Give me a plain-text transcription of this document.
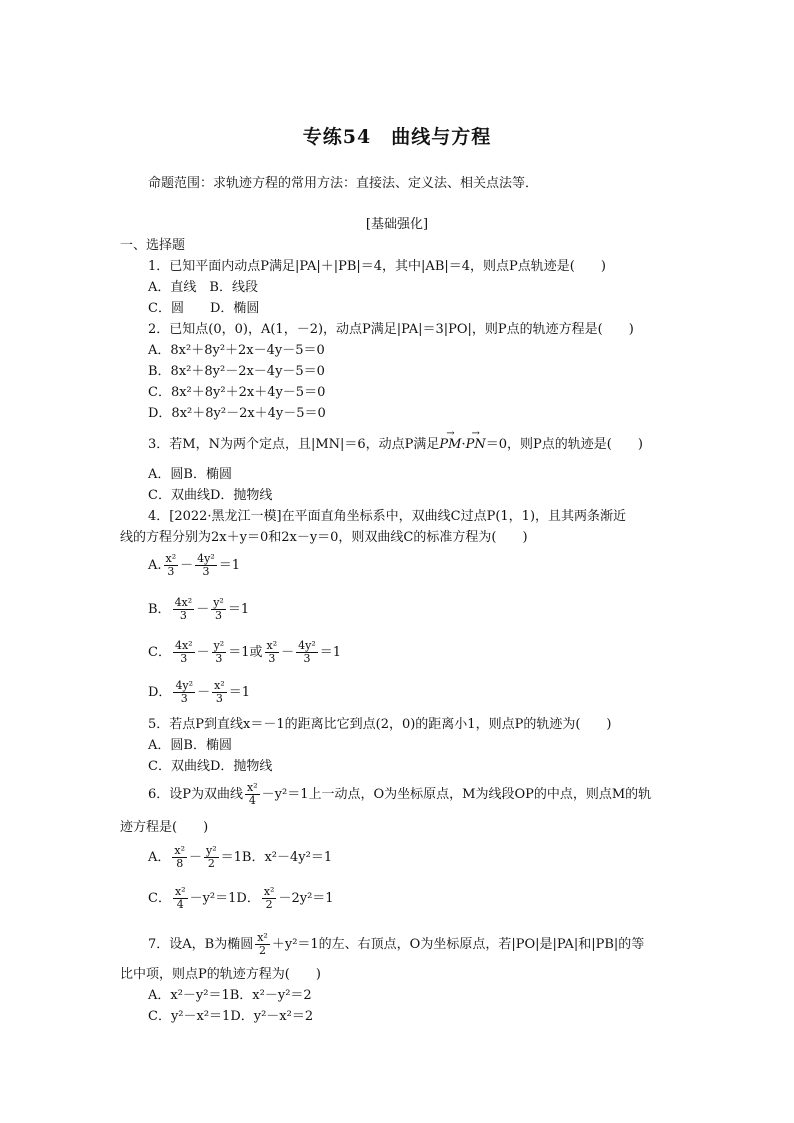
专练54　曲线与方程
命题范围：求轨迹方程的常用方法：直接法、定义法、相关点法等．
[基础强化]
一、选择题
1．已知平面内动点P满足|PA|＋|PB|＝4，其中|AB|＝4，则点P点轨迹是(　　)
A．直线　B．线段
C．圆　　D．椭圆
2．已知点(0，0)，A(1，－2)，动点P满足|PA|＝3|PO|，则P点的轨迹方程是(　　)
A．8x²＋8y²＋2x－4y－5＝0
B．8x²＋8y²－2x－4y－5＝0
C．8x²＋8y²＋2x＋4y－5＝0
D．8x²＋8y²－2x＋4y－5＝0
3．若M，N为两个定点，且|MN|＝6，动点P满足→ PM·→ PN＝0，则P点的轨迹是(　　)
A．圆B．椭圆
C．双曲线D．抛物线
4．[2022·黑龙江一模]在平面直角坐标系中，双曲线C过点P(1，1)，且其两条渐近
线的方程分别为2x＋y＝0和2x－y＝0，则双曲线C的标准方程为(　　)
A. $\frac{\text{x²}}{3} - \frac{\text{4y²}}{3} =1$
B． $\frac{\text{4x²}}{3} - \frac{\text{y²}}{3} =1$
C． $\frac{\text{4x²}}{3} - \frac{\text{y²}}{3} =1$或 $\frac{\text{x²}}{3} - \frac{\text{4y²}}{3} =1$
D． $\frac{\text{4y²}}{3} - \frac{\text{x²}}{3} =1$
5．若点P到直线x＝－1的距离比它到点(2，0)的距离小1，则点P的轨迹为(　　)
A．圆B．椭圆
C．双曲线D．抛物线
6．设P为双曲线 $\frac{\text{x²}}{4} -y^2=1$上一动点，O为坐标原点，M为线段OP的中点，则点M的轨
迹方程是(　　)
A． $\frac{\text{x²}}{8} - \frac{\text{y²}}{2} =1B$．x²－4y²＝1
C． $\frac{\text{x²}}{4} -y^2=1D$． $\frac{\text{x²}}{2} -2y^2=1$
7．设A，B为椭圆 $\frac{\text{x²}}{2} +y^2=1$的左、右顶点，O为坐标原点，若|PO|是|PA|和|PB|的等
比中项，则点P的轨迹方程为(　　)
A．x²－y²＝1B．x²－y²＝2
C．y²－x²＝1D．y²－x²＝2
